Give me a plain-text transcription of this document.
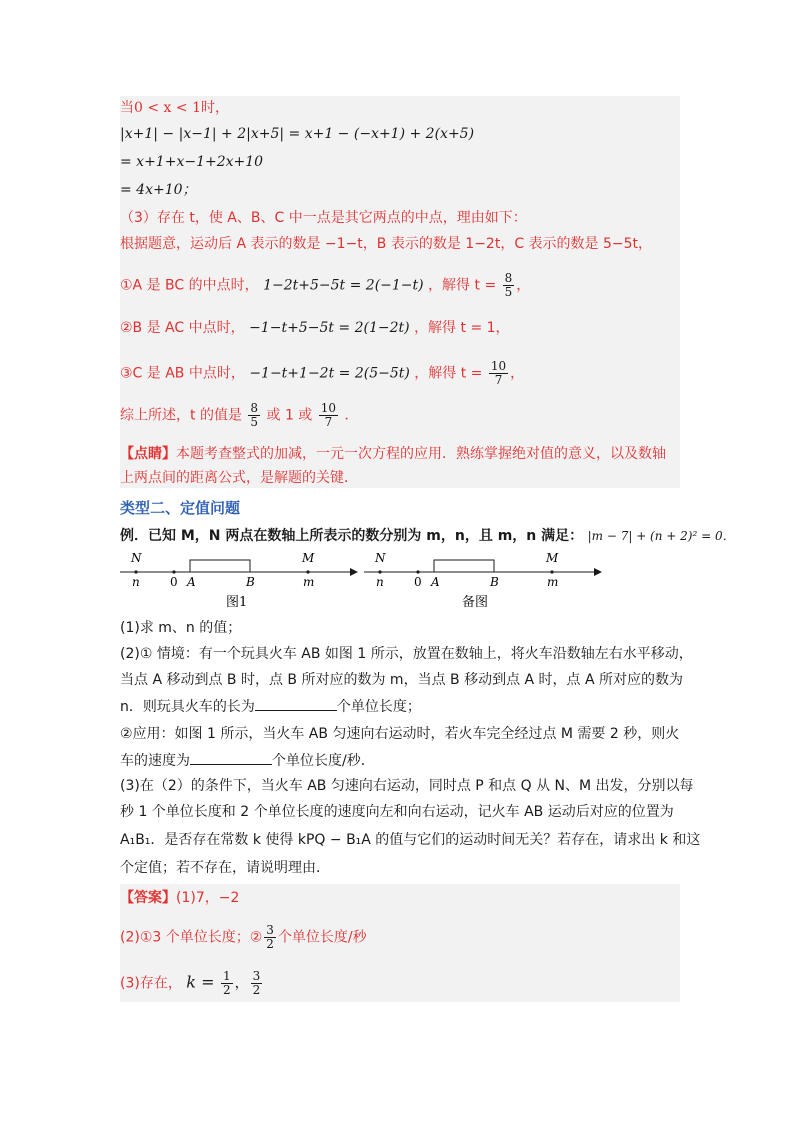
当0 < x < 1时，
|x+1| − |x−1| + 2|x+5| = x+1 − (−x+1) + 2(x+5)
= x+1+x−1+2x+10
= 4x+10；
（3）存在 t，使 A、B、C 中一点是其它两点的中点，理由如下：
根据题意，运动后 A 表示的数是 −1−t，B 表示的数是 1−2t，C 表示的数是 5−5t，
①A 是 BC 的中点时， 1−2t+5−5t = 2(−1−t) ，解得 $t = \frac{8}{5}$ ，
②B 是 AC 中点时， −1−t+5−5t = 2(1−2t) ，解得 t = 1，
③C 是 AB 中点时， −1−t+1−2t = 2(5−5t) ，解得 $t = \frac{10}{7}$ ，
综上所述，t 的值是 $\frac{8}{5}$ 或 1 或 $\frac{10}{7}$ ．
【点睛】本题考查整式的加减，一元一次方程的应用．熟练掌握绝对值的意义，以及数轴
上两点间的距离公式，是解题的关键．
类型二、定值问题
例．已知 M，N 两点在数轴上所表示的数分别为 m，n，且 m，n 满足： |m − 7| + (n + 2)² = 0．
N
n	0 A	B
M
m
图1
N
n	0 A	B
M
m
备图
(1)求 m、n 的值；
(2)① 情境：有一个玩具火车 AB 如图 1 所示，放置在数轴上，将火车沿数轴左右水平移动，
当点 A 移动到点 B 时，点 B 所对应的数为 m，当点 B 移动到点 A 时，点 A 所对应的数为
n．则玩具火车的长为	个单位长度；
②应用：如图 1 所示，当火车 AB 匀速向右运动时，若火车完全经过点 M 需要 2 秒，则火
车的速度为	个单位长度/秒．
(3)在（2）的条件下，当火车 AB 匀速向右运动，同时点 P 和点 Q 从 N、M 出发，分别以每
秒 1 个单位长度和 2 个单位长度的速度向左和向右运动，记火车 AB 运动后对应的位置为
A₁B₁．是否存在常数 k 使得 kPQ − B₁A 的值与它们的运动时间无关？若存在，请求出 k 和这
个定值；若不存在，请说明理由．
【答案】(1)7，−2
(2)①3 个单位长度；② $\frac{3}{2}$ 个单位长度/秒
(3)存在， $k = \frac{1}{2}$ ， $\frac{3}{2}$
